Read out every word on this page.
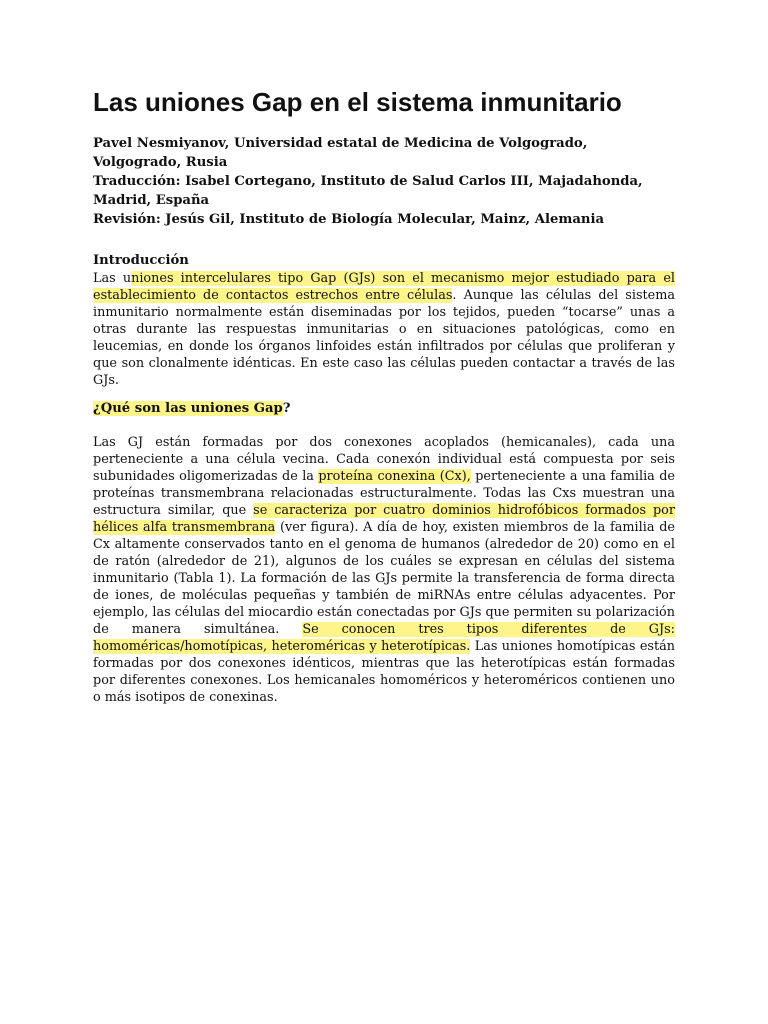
Las uniones Gap en el sistema inmunitario

Pavel Nesmiyanov, Universidad estatal de Medicina de Volgogrado, Volgogrado, Rusia

Traducción: Isabel Cortegano, Instituto de Salud Carlos III, Majadahonda, Madrid, España

Revisión: Jesús Gil, Instituto de Biología Molecular, Mainz, Alemania

Introducción

Las uniones intercelulares tipo Gap (GJs) son el mecanismo mejor estudiado para el establecimiento de contactos estrechos entre células. Aunque las células del sistema inmunitario normalmente están diseminadas por los tejidos, pueden “tocarse” unas a otras durante las respuestas inmunitarias o en situaciones patológicas, como en leucemias, en donde los órganos linfoides están infiltrados por células que proliferan y que son clonalmente idénticas. En este caso las células pueden contactar a través de las GJs.

¿Qué son las uniones Gap?

Las GJ están formadas por dos conexones acoplados (hemicanales), cada una perteneciente a una célula vecina. Cada conexón individual está compuesta por seis subunidades oligomerizadas de la proteína conexina (Cx), perteneciente a una familia de proteínas transmembrana relacionadas estructuralmente. Todas las Cxs muestran una estructura similar, que se caracteriza por cuatro dominios hidrofóbicos formados por hélices alfa transmembrana (ver figura). A día de hoy, existen miembros de la familia de Cx altamente conservados tanto en el genoma de humanos (alrededor de 20) como en el de ratón (alrededor de 21), algunos de los cuáles se expresan en células del sistema inmunitario (Tabla 1). La formación de las GJs permite la transferencia de forma directa de iones, de moléculas pequeñas y también de miRNAs entre células adyacentes. Por ejemplo, las células del miocardio están conectadas por GJs que permiten su polarización de manera simultánea. Se conocen tres tipos diferentes de GJs: homoméricas/homotípicas, heteroméricas y heterotípicas. Las uniones homotípicas están formadas por dos conexones idénticos, mientras que las heterotípicas están formadas por diferentes conexones. Los hemicanales homoméricos y heteroméricos contienen uno o más isotipos de conexinas.
